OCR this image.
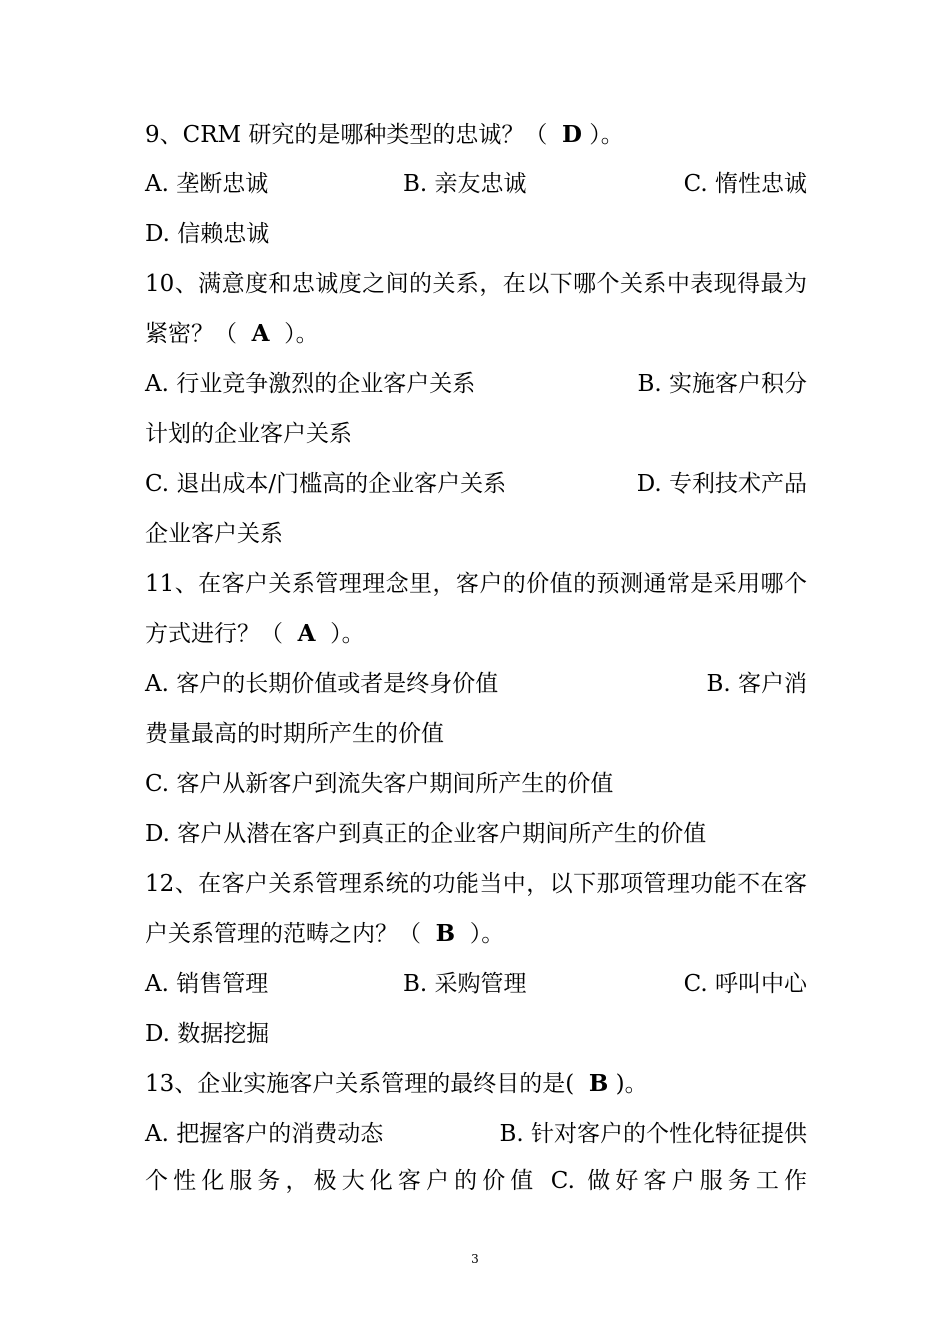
9、CRM 研究的是哪种类型的忠诚？（  D ）。
A. 垄断忠诚	B. 亲友忠诚	C. 惰性忠诚
D. 信赖忠诚
10、满意度和忠诚度之间的关系，在以下哪个关系中表现得最为
紧密？（  A  ）。
A. 行业竞争激烈的企业客户关系	B. 实施客户积分
计划的企业客户关系
C. 退出成本/门槛高的企业客户关系	D. 专利技术产品
企业客户关系
11、在客户关系管理理念里，客户的价值的预测通常是采用哪个
方式进行？（  A  ）。
A. 客户的长期价值或者是终身价值	B. 客户消
费量最高的时期所产生的价值
C. 客户从新客户到流失客户期间所产生的价值
D. 客户从潜在客户到真正的企业客户期间所产生的价值
12、在客户关系管理系统的功能当中，以下那项管理功能不在客
户关系管理的范畴之内？（  B  ）。
A. 销售管理	B. 采购管理	C. 呼叫中心
D. 数据挖掘
13、企业实施客户关系管理的最终目的是(  B )。
A. 把握客户的消费动态	B. 针对客户的个性化特征提供
个性化服务，极大化客户的价值 C. 做好客户服务工作
3
